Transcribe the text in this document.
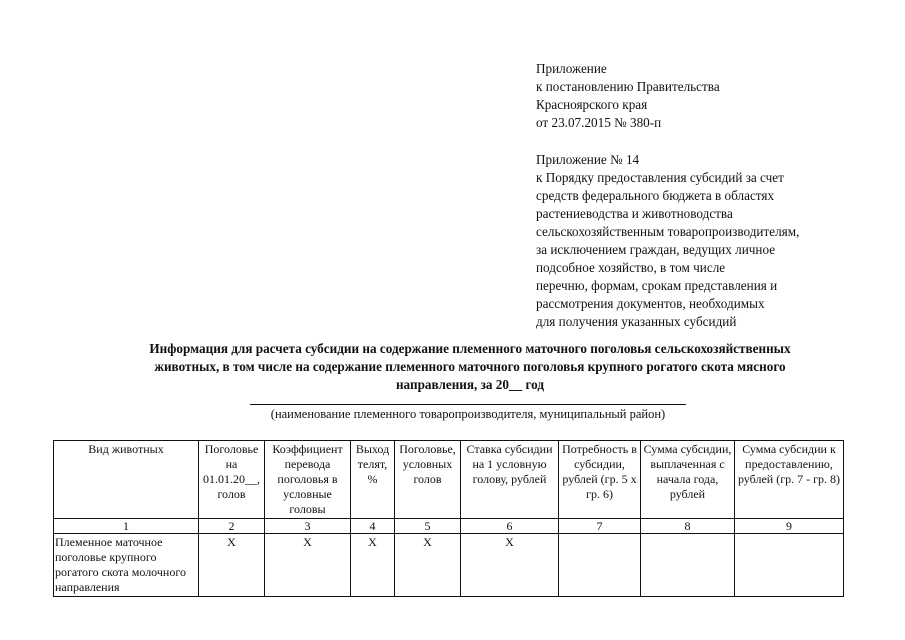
Приложение
к постановлению Правительства
Красноярского края
от 23.07.2015 № 380-п
Приложение № 14
к Порядку предоставления субсидий за счет
средств федерального бюджета в областях
растениеводства и животноводства
сельскохозяйственным товаропроизводителям,
за исключением граждан, ведущих личное
подсобное хозяйство, в том числе
перечню, формам, срокам представления и
рассмотрения документов, необходимых
для получения указанных субсидий
Информация для расчета субсидии на содержание племенного маточного поголовья сельскохозяйственных
животных, в том числе на содержание племенного маточного поголовья крупного рогатого скота мясного
направления, за 20__ год
(наименование племенного товаропроизводителя, муниципальный район)
Вид животных	Поголовье на 01.01.20__, голов	Коэффициент перевода поголовья в условные головы	Выход телят, %	Поголовье, условных голов	Ставка субсидии на 1 условную голову, рублей	Потребность в субсидии, рублей (гр. 5 х гр. 6)	Сумма субсидии, выплаченная с начала года, рублей	Сумма субсидии к предоставлению, рублей (гр. 7 - гр. 8)
1	2	3	4	5	6	7	8	9
Племенное маточное поголовье крупного рогатого скота молочного направления	Х	Х	Х	Х	Х			
